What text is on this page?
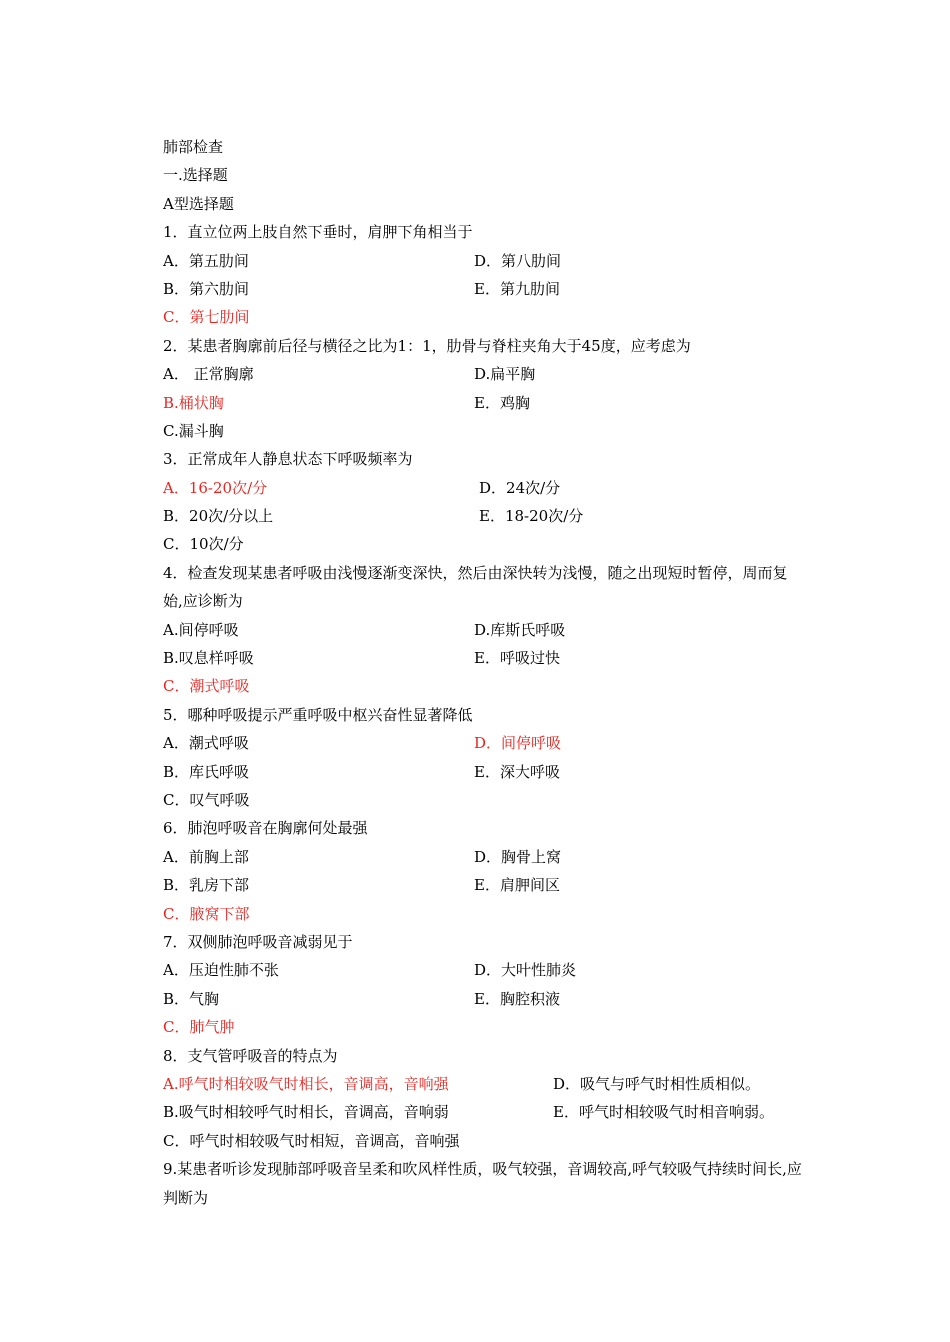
肺部检查
一.选择题
A型选择题
1．直立位两上肢自然下垂时，肩胛下角相当于
A．第五肋间	D．第八肋间
B．第六肋间	E．第九肋间
C．第七肋间
2．某患者胸廓前后径与横径之比为1：1，肋骨与脊柱夹角大于45度，应考虑为
A． 正常胸廓	D.扁平胸
B.桶状胸	E．鸡胸
C.漏斗胸
3．正常成年人静息状态下呼吸频率为
A．16-20次/分	D．24次/分
B．20次/分以上	E．18-20次/分
C．10次/分
4．检查发现某患者呼吸由浅慢逐渐变深快，然后由深快转为浅慢，随之出现短时暂停，周而复始,应诊断为
A.间停呼吸	D.库斯氏呼吸
B.叹息样呼吸	E．呼吸过快
C．潮式呼吸
5．哪种呼吸提示严重呼吸中枢兴奋性显著降低
A．潮式呼吸	D．间停呼吸
B．库氏呼吸	E．深大呼吸
C．叹气呼吸
6．肺泡呼吸音在胸廓何处最强
A．前胸上部	D．胸骨上窝
B．乳房下部	E．肩胛间区
C．腋窝下部
7．双侧肺泡呼吸音减弱见于
A．压迫性肺不张	D．大叶性肺炎
B．气胸	E．胸腔积液
C．肺气肿
8．支气管呼吸音的特点为
A.呼气时相较吸气时相长，音调高，音响强	D．吸气与呼气时相性质相似。
B.吸气时相较呼气时相长，音调高，音响弱	E．呼气时相较吸气时相音响弱。
C．呼气时相较吸气时相短，音调高，音响强
9.某患者听诊发现肺部呼吸音呈柔和吹风样性质，吸气较强，音调较高,呼气较吸气持续时间长,应判断为
